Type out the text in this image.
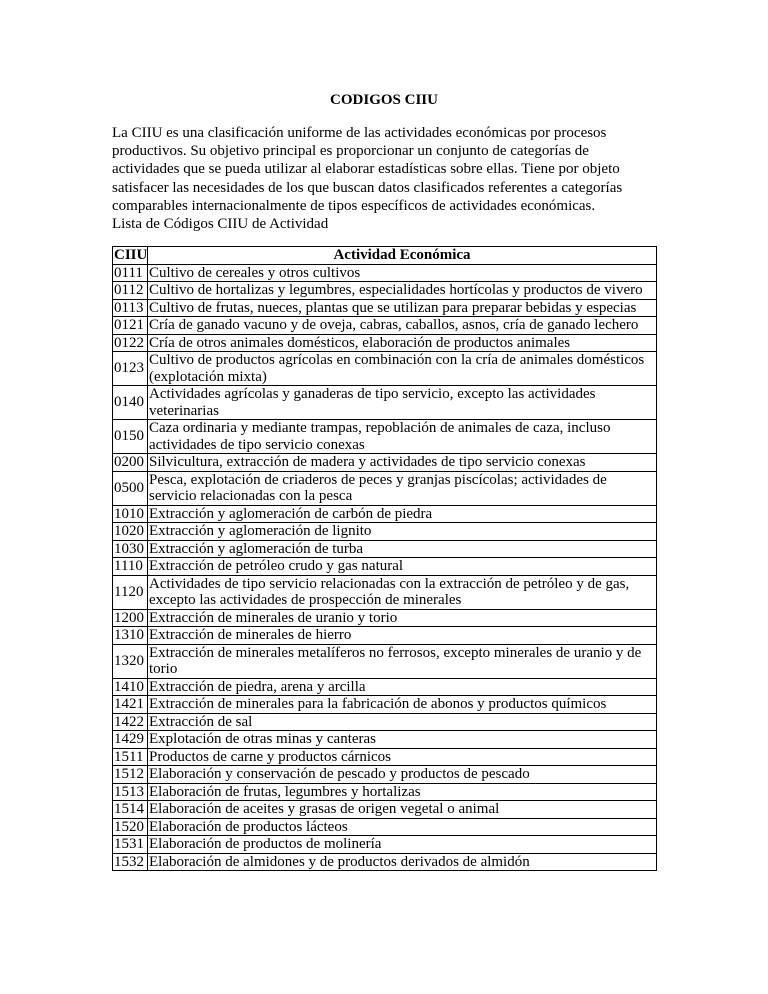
CODIGOS CIIU

La CIIU es una clasificación uniforme de las actividades económicas por procesos productivos. Su objetivo principal es proporcionar un conjunto de categorías de actividades que se pueda utilizar al elaborar estadísticas sobre ellas. Tiene por objeto satisfacer las necesidades de los que buscan datos clasificados referentes a categorías comparables internacionalmente de tipos específicos de actividades económicas.

Lista de Códigos CIIU de Actividad

CIIU	Actividad Económica
0111	Cultivo de cereales y otros cultivos
0112	Cultivo de hortalizas y legumbres, especialidades hortícolas y productos de vivero
0113	Cultivo de frutas, nueces, plantas que se utilizan para preparar bebidas y especias
0121	Cría de ganado vacuno y de oveja, cabras, caballos, asnos, cría de ganado lechero
0122	Cría de otros animales domésticos, elaboración de productos animales
0123	Cultivo de productos agrícolas en combinación con la cría de animales domésticos (explotación mixta)
0140	Actividades agrícolas y ganaderas de tipo servicio, excepto las actividades veterinarias
0150	Caza ordinaria y mediante trampas, repoblación de animales de caza, incluso actividades de tipo servicio conexas
0200	Silvicultura, extracción de madera y actividades de tipo servicio conexas
0500	Pesca, explotación de criaderos de peces y granjas piscícolas; actividades de servicio relacionadas con la pesca
1010	Extracción y aglomeración de carbón de piedra
1020	Extracción y aglomeración de lignito
1030	Extracción y aglomeración de turba
1110	Extracción de petróleo crudo y gas natural
1120	Actividades de tipo servicio relacionadas con la extracción de petróleo y de gas, excepto las actividades de prospección de minerales
1200	Extracción de minerales de uranio y torio
1310	Extracción de minerales de hierro
1320	Extracción de minerales metalíferos no ferrosos, excepto minerales de uranio y de torio
1410	Extracción de piedra, arena y arcilla
1421	Extracción de minerales para la fabricación de abonos y productos químicos
1422	Extracción de sal
1429	Explotación de otras minas y canteras
1511	Productos de carne y productos cárnicos
1512	Elaboración y conservación de pescado y productos de pescado
1513	Elaboración de frutas, legumbres y hortalizas
1514	Elaboración de aceites y grasas de origen vegetal o animal
1520	Elaboración de productos lácteos
1531	Elaboración de productos de molinería
1532	Elaboración de almidones y de productos derivados de almidón
